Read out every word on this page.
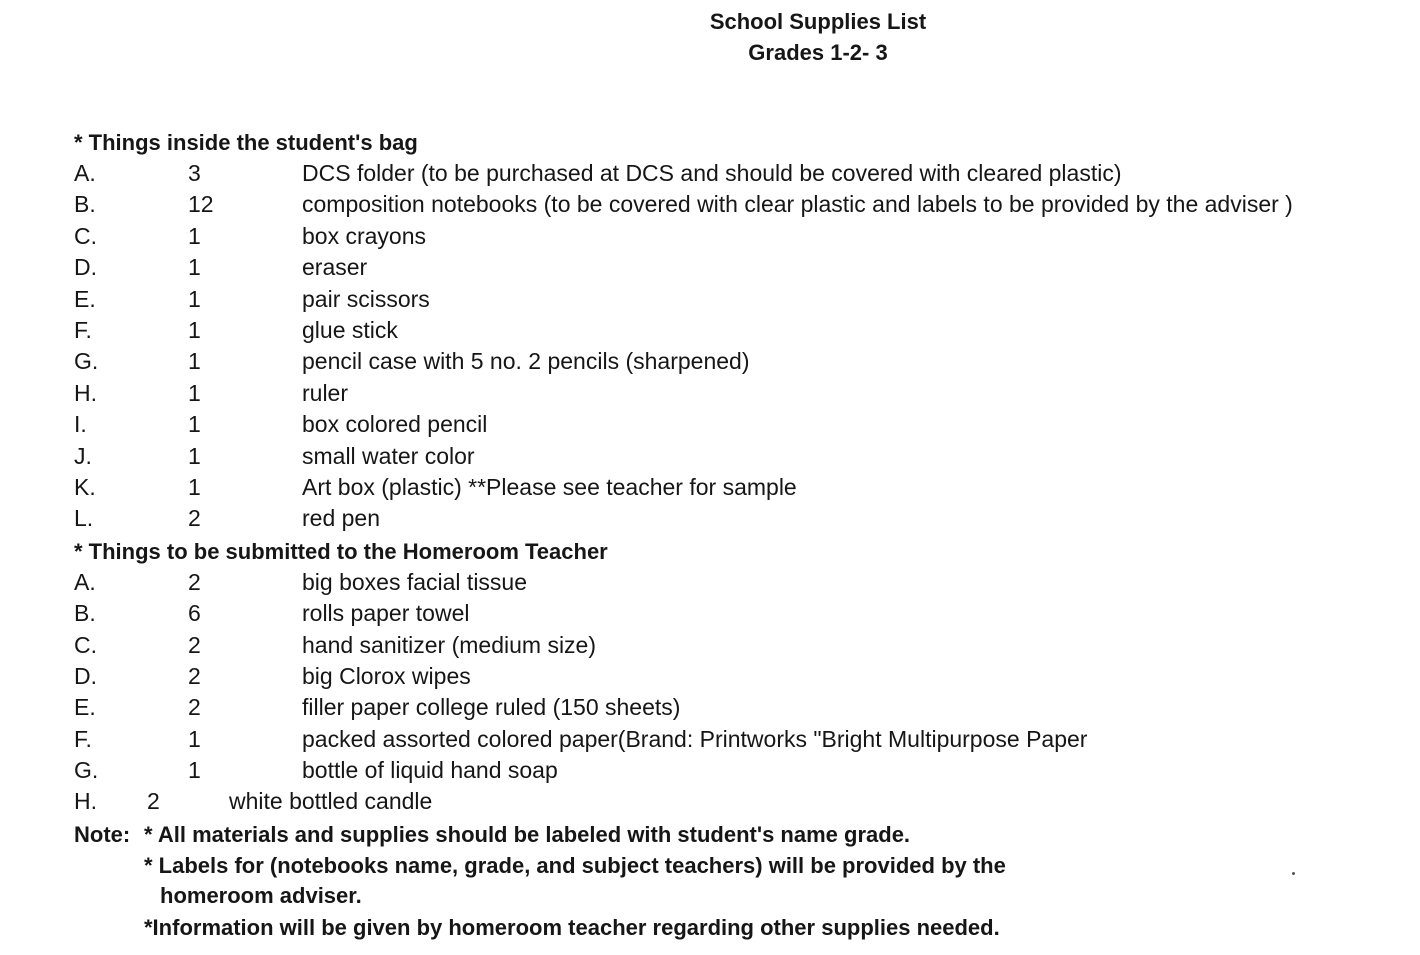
School Supplies List
Grades 1-2- 3
* Things inside the student's bag
A.	3	DCS folder (to be purchased at DCS and should be covered with cleared plastic)
B.	12	composition notebooks (to be covered with clear plastic and labels to be provided by the adviser )
C.	1	box crayons
D.	1	eraser
E.	1	pair scissors
F.	1	glue stick
G.	1	pencil case with 5 no. 2 pencils (sharpened)
H.	1	ruler
I.	1	box colored pencil
J.	1	small water color
K.	1	Art box (plastic) **Please see teacher for sample
L.	2	red pen
* Things to be submitted to the Homeroom Teacher
A.	2	big boxes facial tissue
B.	6	rolls paper towel
C.	2	hand sanitizer (medium size)
D.	2	big Clorox wipes
E.	2	filler paper college ruled (150 sheets)
F.	1	packed assorted colored paper(Brand: Printworks "Bright Multipurpose Paper
G.	1	bottle of liquid hand soap
H. 2	white bottled candle
Note: * All materials and supplies should be labeled with student's name grade.
* Labels for (notebooks name, grade, and subject teachers) will be provided by the
homeroom adviser.
*Information will be given by homeroom teacher regarding other supplies needed.
